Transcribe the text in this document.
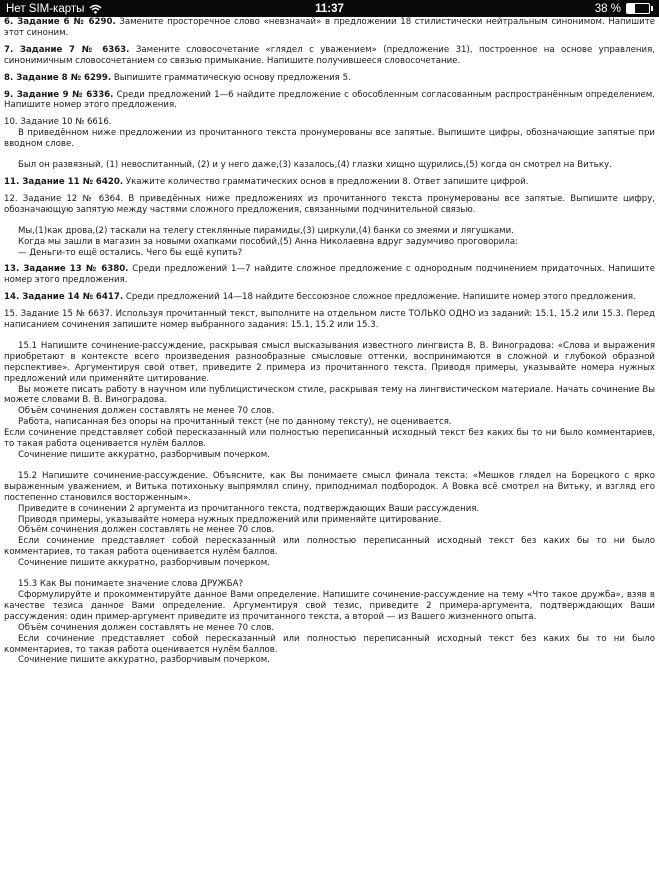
Нет SIM-карты	11:37	38 %

6. Задание 6 № 6290. Замените просторечное слово «невзначай» в предложении 18 стилистически нейтральным синонимом. Напишите этот синоним.

7. Задание 7 № 6363. Замените словосочетание «глядел с уважением» (предложение 31), построенное на основе управления, синонимичным словосочетанием со связью примыкание. Напишите получившееся словосочетание.

8. Задание 8 № 6299. Выпишите грамматическую основу предложения 5.

9. Задание 9 № 6336. Среди предложений 1—6 найдите предложение с обособленным согласованным распространённым определением. Напишите номер этого предложения.

10. Задание 10 № 6616.

В приведённом ниже предложении из прочитанного текста пронумерованы все запятые. Выпишите цифры, обозначающие запятые при вводном слове.

Был он развязный, (1) невоспитанный, (2) и у него даже,(3) казалось,(4) глазки хищно щурились,(5) когда он смотрел на Витьку.

11. Задание 11 № 6420. Укажите количество грамматических основ в предложении 8. Ответ запишите цифрой.

12. Задание 12 № 6364. В приведённых ниже предложениях из прочитанного текста пронумерованы все запятые. Выпишите цифру, обозначающую запятую между частями сложного предложения, связанными подчинительной связью.

Мы,(1)как дрова,(2) таскали на телегу стеклянные пирамиды,(3) циркули,(4) банки со змеями и лягушками.

Когда мы зашли в магазин за новыми охапками пособий,(5) Анна Николаевна вдруг задумчиво проговорила:

— Деньги-то ещё остались. Чего бы ещё купить?

13. Задание 13 № 6380. Среди предложений 1—7 найдите сложное предложение с однородным подчинением придаточных. Напишите номер этого предложения.

14. Задание 14 № 6417. Среди предложений 14—18 найдите бессоюзное сложное предложение. Напишите номер этого предложения.

15. Задание 15 № 6637. Используя прочитанный текст, выполните на отдельном листе ТОЛЬКО ОДНО из заданий: 15.1, 15.2 или 15.3. Перед написанием сочинения запишите номер выбранного задания: 15.1, 15.2 или 15.3.

15.1 Напишите сочинение-рассуждение, раскрывая смысл высказывания известного лингвиста В. В. Виноградова: «Слова и выражения приобретают в контексте всего произведения разнообразные смысловые оттенки, воспринимаются в сложной и глубокой образной перспективе». Аргументируя свой ответ, приведите 2 примера из прочитанного текста. Приводя примеры, указывайте номера нужных предложений или применяйте цитирование.

Вы можете писать работу в научном или публицистическом стиле, раскрывая тему на лингвистическом материале. Начать сочинение Вы можете словами В. В. Виноградова.

Объём сочинения должен составлять не менее 70 слов.

Работа, написанная без опоры на прочитанный текст (не по данному тексту), не оценивается.

Если сочинение представляет собой пересказанный или полностью переписанный исходный текст без каких бы то ни было комментариев, то такая работа оценивается нулём баллов.

Сочинение пишите аккуратно, разборчивым почерком.

15.2 Напишите сочинение-рассуждение. Объясните, как Вы понимаете смысл финала текста: «Мешков глядел на Борецкого с ярко выраженным уважением, и Витька потихоньку выпрямлял спину, приподнимал подбородок. А Вовка всё смотрел на Витьку, и взгляд его постепенно становился восторженным».

Приведите в сочинении 2 аргумента из прочитанного текста, подтверждающих Ваши рассуждения.

Приводя примеры, указывайте номера нужных предложений или применяйте цитирование.

Объём сочинения должен составлять не менее 70 слов.

Если сочинение представляет собой пересказанный или полностью переписанный исходный текст без каких бы то ни было комментариев, то такая работа оценивается нулём баллов.

Сочинение пишите аккуратно, разборчивым почерком.

15.3 Как Вы понимаете значение слова ДРУЖБА?

Сформулируйте и прокомментируйте данное Вами определение. Напишите сочинение-рассуждение на тему «Что такое дружба», взяв в качестве тезиса данное Вами определение. Аргументируя свой тезис, приведите 2 примера-аргумента, подтверждающих Ваши рассуждения: один пример-аргумент приведите из прочитанного текста, а второй — из Вашего жизненного опыта.

Объём сочинения должен составлять не менее 70 слов.

Если сочинение представляет собой пересказанный или полностью переписанный исходный текст без каких бы то ни было комментариев, то такая работа оценивается нулём баллов.

Сочинение пишите аккуратно, разборчивым почерком.
